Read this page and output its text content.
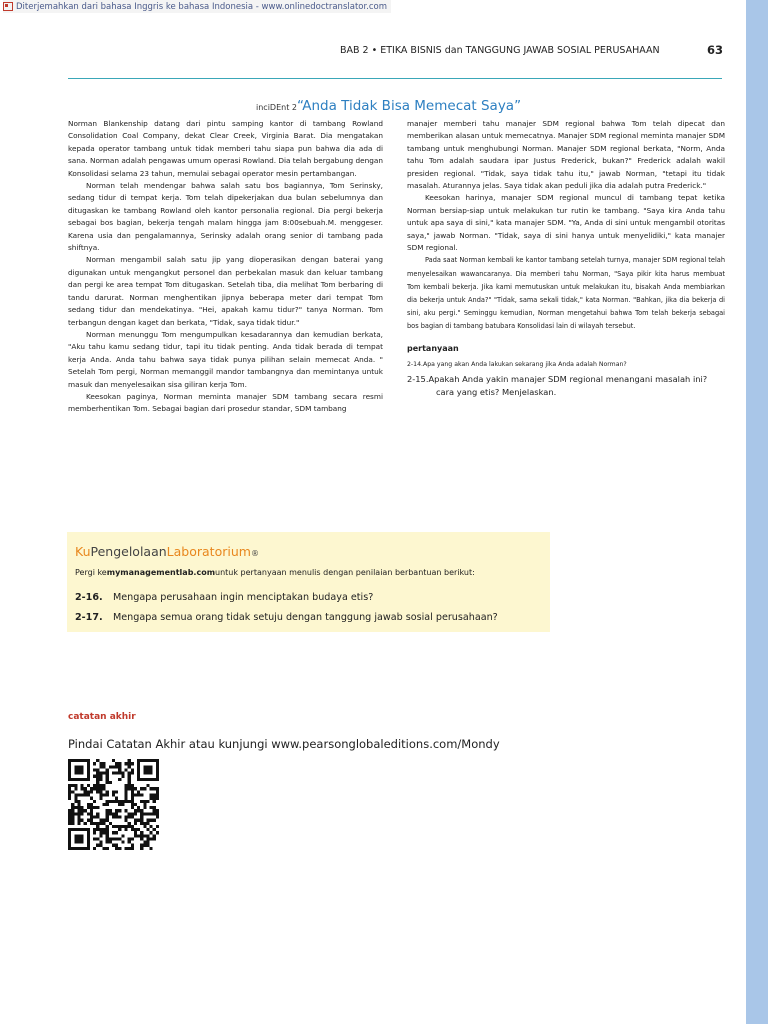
Diterjemahkan dari bahasa Inggris ke bahasa Indonesia - www.onlinedoctranslator.com
BAB 2 • ETIKA BISNIS dan TANGGUNG JAWAB SOSIAL PERUSAHAAN	63
inciDEnt 2“Anda Tidak Bisa Memecat Saya”

Norman Blankenship datang dari pintu samping kantor di tambang Rowland Consolidation Coal Company, dekat Clear Creek, Virginia Barat. Dia mengatakan kepada operator tambang untuk tidak memberi tahu siapa pun bahwa dia ada di sana. Norman adalah pengawas umum operasi Rowland. Dia telah bergabung dengan Konsolidasi selama 23 tahun, memulai sebagai operator mesin pertambangan.

Norman telah mendengar bahwa salah satu bos bagiannya, Tom Serinsky, sedang tidur di tempat kerja. Tom telah dipekerjakan dua bulan sebelumnya dan ditugaskan ke tambang Rowland oleh kantor personalia regional. Dia pergi bekerja sebagai bos bagian, bekerja tengah malam hingga jam 8:00sebuah.M. menggeser. Karena usia dan pengalamannya, Serinsky adalah orang senior di tambang pada shiftnya.

Norman mengambil salah satu jip yang dioperasikan dengan baterai yang digunakan untuk mengangkut personel dan perbekalan masuk dan keluar tambang dan pergi ke area tempat Tom ditugaskan. Setelah tiba, dia melihat Tom berbaring di tandu darurat. Norman menghentikan jipnya beberapa meter dari tempat Tom sedang tidur dan mendekatinya. "Hei, apakah kamu tidur?" tanya Norman. Tom terbangun dengan kaget dan berkata, "Tidak, saya tidak tidur."

Norman menunggu Tom mengumpulkan kesadarannya dan kemudian berkata, "Aku tahu kamu sedang tidur, tapi itu tidak penting. Anda tidak berada di tempat kerja Anda. Anda tahu bahwa saya tidak punya pilihan selain memecat Anda. " Setelah Tom pergi, Norman memanggil mandor tambangnya dan memintanya untuk masuk dan menyelesaikan sisa giliran kerja Tom.

Keesokan paginya, Norman meminta manajer SDM tambang secara resmi memberhentikan Tom. Sebagai bagian dari prosedur standar, SDM tambang

manajer memberi tahu manajer SDM regional bahwa Tom telah dipecat dan memberikan alasan untuk memecatnya. Manajer SDM regional meminta manajer SDM tambang untuk menghubungi Norman. Manajer SDM regional berkata, "Norm, Anda tahu Tom adalah saudara ipar Justus Frederick, bukan?" Frederick adalah wakil presiden regional. "Tidak, saya tidak tahu itu," jawab Norman, "tetapi itu tidak masalah. Aturannya jelas. Saya tidak akan peduli jika dia adalah putra Frederick."

Keesokan harinya, manajer SDM regional muncul di tambang tepat ketika Norman bersiap-siap untuk melakukan tur rutin ke tambang. "Saya kira Anda tahu untuk apa saya di sini," kata manajer SDM. "Ya, Anda di sini untuk mengambil otoritas saya," jawab Norman. "Tidak, saya di sini hanya untuk menyelidiki," kata manajer SDM regional.

Pada saat Norman kembali ke kantor tambang setelah turnya, manajer SDM regional telah menyelesaikan wawancaranya. Dia memberi tahu Norman, "Saya pikir kita harus membuat Tom kembali bekerja. Jika kami memutuskan untuk melakukan itu, bisakah Anda membiarkan dia bekerja untuk Anda?" "Tidak, sama sekali tidak," kata Norman. "Bahkan, jika dia bekerja di sini, aku pergi." Seminggu kemudian, Norman mengetahui bahwa Tom telah bekerja sebagai bos bagian di tambang batubara Konsolidasi lain di wilayah tersebut.

pertanyaan
2-14.Apa yang akan Anda lakukan sekarang jika Anda adalah Norman?
2-15.Apakah Anda yakin manajer SDM regional menangani masalah ini?
cara yang etis? Menjelaskan.
KuPengelolaanLaboratorium®
Pergi kemymanagementlab.comuntuk pertanyaan menulis dengan penilaian berbantuan berikut:
2-16. Mengapa perusahaan ingin menciptakan budaya etis?
2-17. Mengapa semua orang tidak setuju dengan tanggung jawab sosial perusahaan?
catatan akhir
Pindai Catatan Akhir atau kunjungi www.pearsonglobaleditions.com/Mondy
